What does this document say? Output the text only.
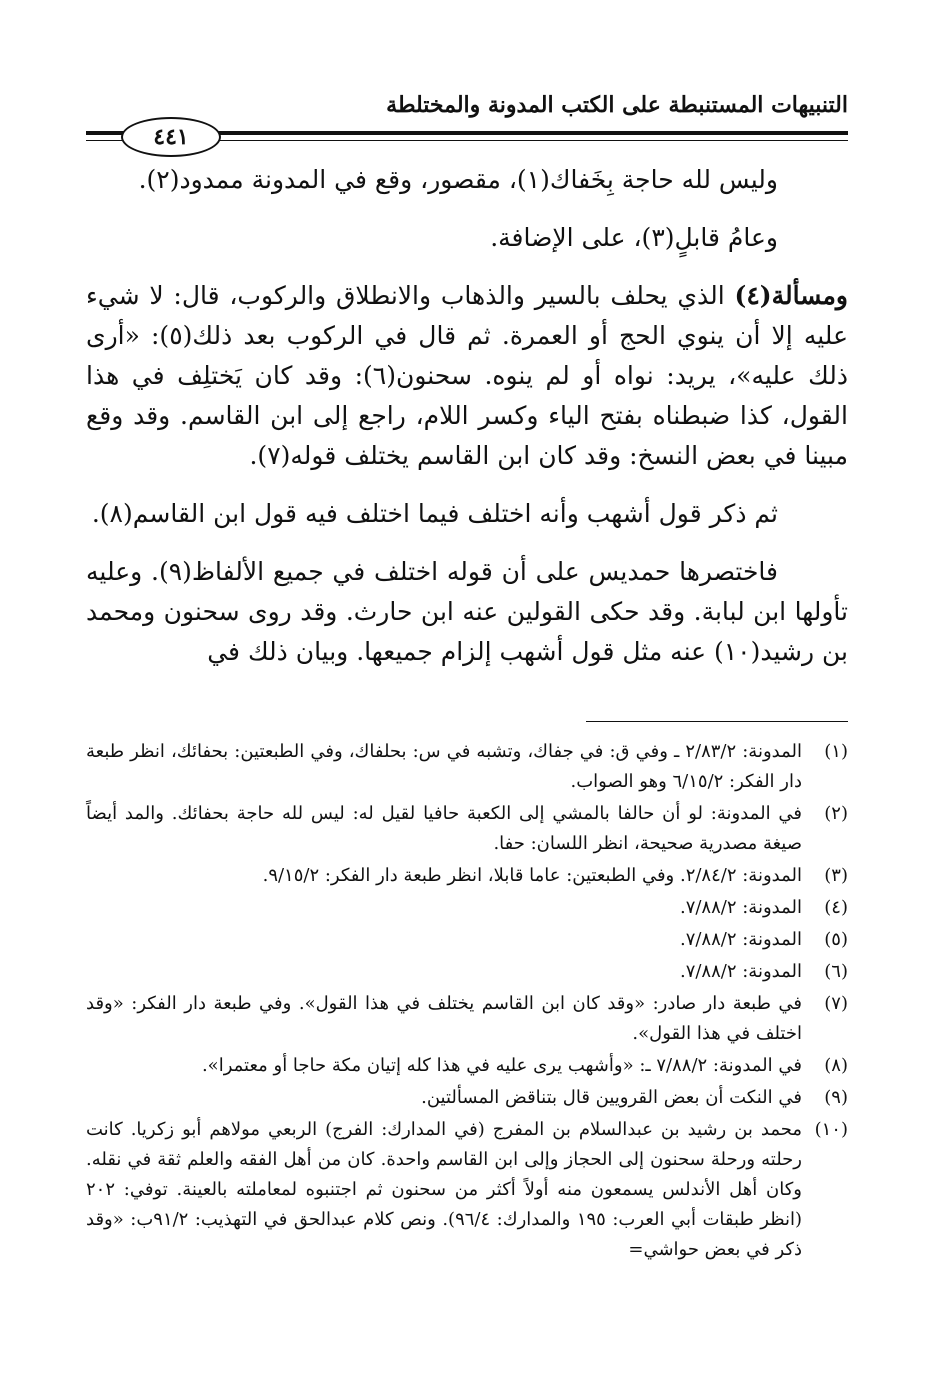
التنبيهات المستنبطة على الكتب المدونة والمختلطة
٤٤١

وليس لله حاجة بِخَفاك(١)، مقصور، وقع في المدونة ممدود(٢).

وعامُ قابلٍ(٣)، على الإضافة.

ومسألة(٤) الذي يحلف بالسير والذهاب والانطلاق والركوب، قال: لا شيء عليه إلا أن ينوي الحج أو العمرة. ثم قال في الركوب بعد ذلك(٥): «أرى ذلك عليه»، يريد: نواه أو لم ينوه. سحنون(٦): وقد كان يَختلِف في هذا القول، كذا ضبطناه بفتح الياء وكسر اللام، راجع إلى ابن القاسم. وقد وقع مبينا في بعض النسخ: وقد كان ابن القاسم يختلف قوله(٧).

ثم ذكر قول أشهب وأنه اختلف فيما اختلف فيه قول ابن القاسم(٨).

فاختصرها حمديس على أن قوله اختلف في جميع الألفاظ(٩). وعليه تأولها ابن لبابة. وقد حكى القولين عنه ابن حارث. وقد روى سحنون ومحمد بن رشيد(١٠) عنه مثل قول أشهب إلزام جميعها. وبيان ذلك في

(١)
المدونة: ٢/٨٣/٢ ـ وفي ق: في جفاك، وتشبه في س: بحلفاك، وفي الطبعتين: بحفائك، انظر طبعة دار الفكر: ٦/١٥/٢ وهو الصواب.
(٢)
في المدونة: لو أن حالفا بالمشي إلى الكعبة حافيا لقيل له: ليس لله حاجة بحفائك. والمد أيضاً صيغة مصدرية صحيحة، انظر اللسان: حفا.
(٣)
المدونة: ٢/٨٤/٢. وفي الطبعتين: عاما قابلا، انظر طبعة دار الفكر: ٩/١٥/٢.
(٤)
المدونة: ٧/٨٨/٢.
(٥)
المدونة: ٧/٨٨/٢.
(٦)
المدونة: ٧/٨٨/٢.
(٧)
في طبعة دار صادر: «وقد كان ابن القاسم يختلف في هذا القول». وفي طبعة دار الفكر: «وقد اختلف في هذا القول».
(٨)
في المدونة: ٧/٨٨/٢ ـ: «وأشهب يرى عليه في هذا كله إتيان مكة حاجا أو معتمرا».
(٩)
في النكت أن بعض القرويين قال بتناقض المسألتين.
(١٠)
محمد بن رشيد بن عبدالسلام بن المفرج (في المدارك: الفرج) الربعي مولاهم أبو زكريا. كانت رحلته ورحلة سحنون إلى الحجاز وإلى ابن القاسم واحدة. كان من أهل الفقه والعلم ثقة في نقله. وكان أهل الأندلس يسمعون منه أولاً أكثر من سحنون ثم اجتنبوه لمعاملته بالعينة. توفي: ٢٠٢ (انظر طبقات أبي العرب: ١٩٥ والمدارك: ٩٦/٤). ونص كلام عبدالحق في التهذيب: ٩١/٢ب: «وقد ذكر في بعض حواشي=
